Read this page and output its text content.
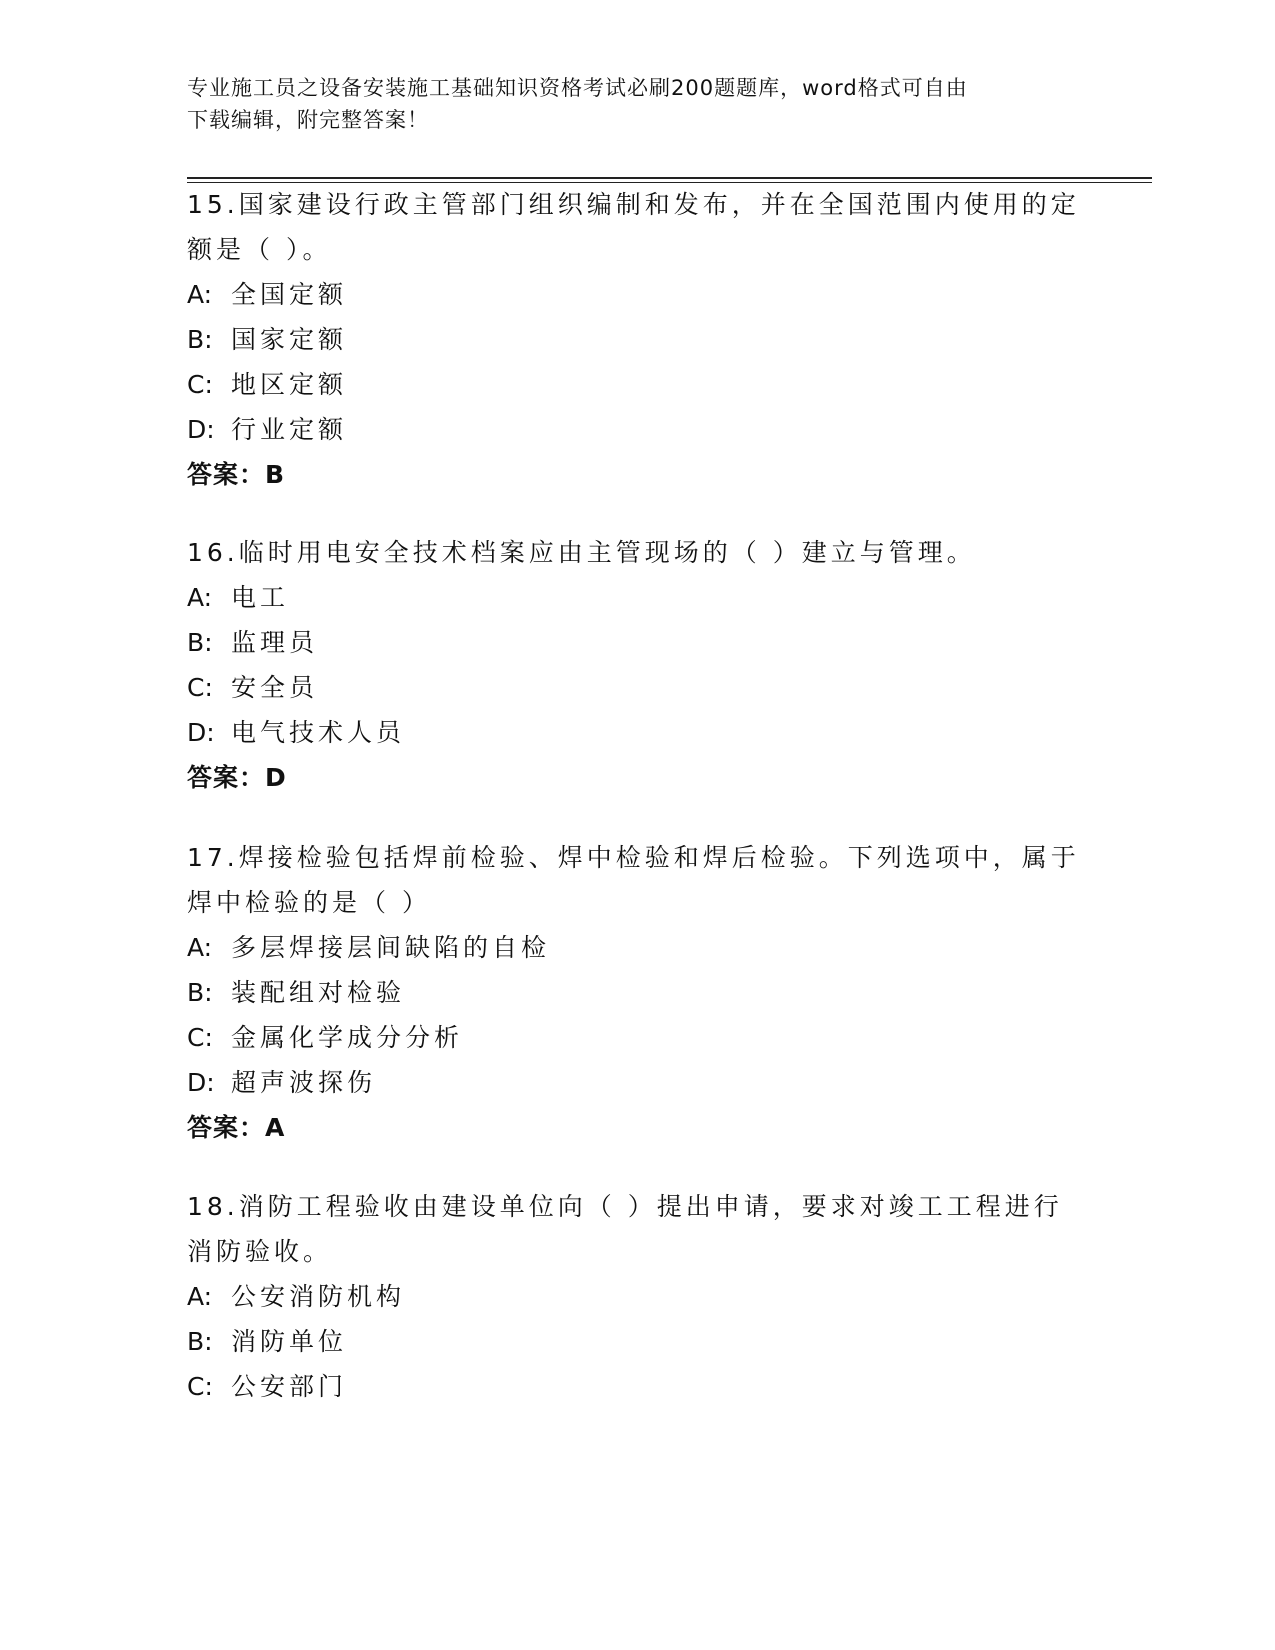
专业施工员之设备安装施工基础知识资格考试必刷200题题库，word格式可自由
下载编辑，附完整答案！
15.国家建设行政主管部门组织编制和发布，并在全国范围内使用的定
额是（ ）。
A: 全国定额
B: 国家定额
C: 地区定额
D: 行业定额
答案：B
16.临时用电安全技术档案应由主管现场的（ ）建立与管理。
A: 电工
B: 监理员
C: 安全员
D: 电气技术人员
答案：D
17.焊接检验包括焊前检验、焊中检验和焊后检验。下列选项中，属于
焊中检验的是（ ）
A: 多层焊接层间缺陷的自检
B: 装配组对检验
C: 金属化学成分分析
D: 超声波探伤
答案：A
18.消防工程验收由建设单位向（ ）提出申请，要求对竣工工程进行
消防验收。
A: 公安消防机构
B: 消防单位
C: 公安部门
